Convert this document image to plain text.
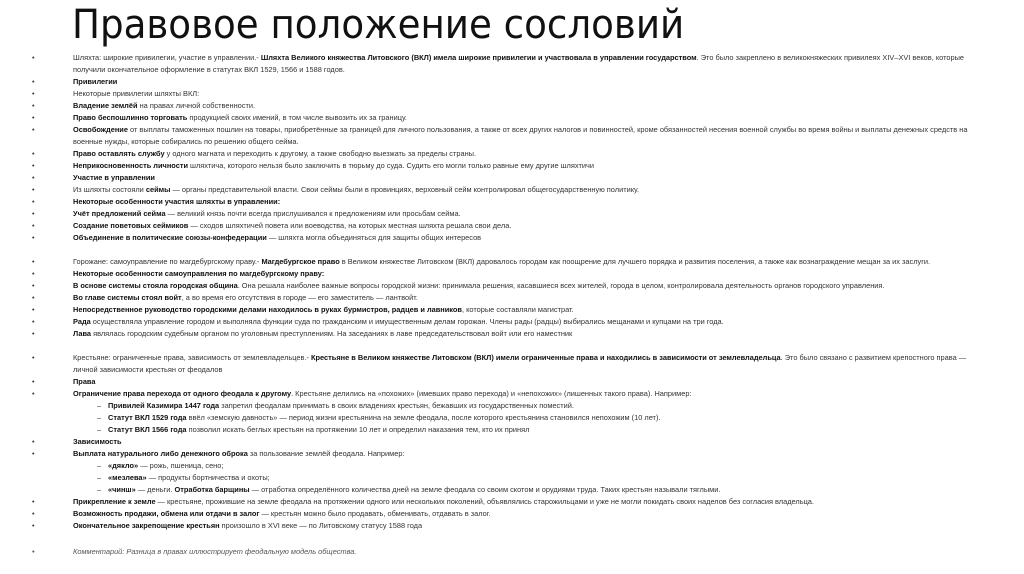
Правовое положение сословий
•	Шляхта: широкие привилегии, участие в управлении.- Шляхта Великого княжества Литовского (ВКЛ) имела широкие привилегии и участвовала в управлении государством. Это было закреплено в великокняжеских привилеях XIV–XVI веков, которые получили окончательное оформление в статутах ВКЛ 1529, 1566 и 1588 годов.
•	Привилегии
•	Некоторые привилегии шляхты ВКЛ:
•	Владение землёй на правах личной собственности.
•	Право беспошлинно торговать продукцией своих имений, в том числе вывозить их за границу.
•	Освобождение от выплаты таможенных пошлин на товары, приобретённые за границей для личного пользования, а также от всех других налогов и повинностей, кроме обязанностей несения военной службы во время войны и выплаты денежных средств на военные нужды, которые собирались по решению общего сейма.
•	Право оставлять службу у одного магната и переходить к другому, а также свободно выезжать за пределы страны.
•	Неприкосновенность личности шляхтича, которого нельзя было заключить в тюрьму до суда. Судить его могли только равные ему другие шляхтичи
•	Участие в управлении
•	Из шляхты состояли сеймы — органы представительной власти. Свои сеймы были в провинциях, верховный сейм контролировал общегосударственную политику.
•	Некоторые особенности участия шляхты в управлении:
•	Учёт предложений сейма — великий князь почти всегда прислушивался к предложениям или просьбам сейма.
•	Создание поветовых сеймиков — сходов шляхтичей повета или воеводства, на которых местная шляхта решала свои дела.
•	Объединение в политические союзы-конфедерации — шляхта могла объединяться для защиты общих интересов
•	Горожане: самоуправление по магдебургскому праву.- Магдебургское право в Великом княжестве Литовском (ВКЛ) даровалось городам как поощрение для лучшего порядка и развития поселения, а также как вознаграждение мещан за их заслуги.
•	Некоторые особенности самоуправления по магдебургскому праву:
•	В основе системы стояла городская община. Она решала наиболее важные вопросы городской жизни: принимала решения, касавшиеся всех жителей, города в целом, контролировала деятельность органов городского управления.
•	Во главе системы стоял войт, а во время его отсутствия в городе — его заместитель — лантвойт.
•	Непосредственное руководство городскими делами находилось в руках бурмистров, радцев и лавников, которые составляли магистрат.
•	Рада осуществляла управление городом и выполняла функции суда по гражданским и имущественным делам горожан. Члены рады (радцы) выбирались мещанами и купцами на три года.
•	Лава являлась городским судебным органом по уголовным преступлениям. На заседаниях в лаве председательствовал войт или его наместник
•	Крестьяне: ограниченные права, зависимость от землевладельцев.- Крестьяне в Великом княжестве Литовском (ВКЛ) имели ограниченные права и находились в зависимости от землевладельца. Это было связано с развитием крепостного права — личной зависимости крестьян от феодалов
•	Права
•	Ограничение права перехода от одного феодала к другому. Крестьяне делились на «похожих» (имевших право перехода) и «непохожих» (лишенных такого права). Например:
– Привилей Казимира 1447 года запретил феодалам принимать в своих владениях крестьян, бежавших из государственных поместий.
– Статут ВКЛ 1529 года ввёл «земскую давность» — период жизни крестьянина на земле феодала, после которого крестьянина становился непохожим (10 лет).
– Статут ВКЛ 1566 года позволил искать беглых крестьян на протяжении 10 лет и определил наказания тем, кто их принял
•	Зависимость
•	Выплата натурального либо денежного оброка за пользование землёй феодала. Например:
– «дякло» — рожь, пшеница, сено;
– «мезлева» — продукты бортничества и охоты;
– «чинш» — деньги. Отработка барщины — отработка определённого количества дней на земле феодала со своим скотом и орудиями труда. Таких крестьян называли тяглыми.
•	Прикрепление к земле — крестьяне, прожившие на земле феодала на протяжении одного или нескольких поколений, объявлялись старожильцами и уже не могли покидать своих наделов без согласия владельца.
•	Возможность продажи, обмена или отдачи в залог — крестьян можно было продавать, обменивать, отдавать в залог.
•	Окончательное закрепощение крестьян произошло в XVI веке — по Литовскому статусу 1588 года
•	Комментарий: Разница в правах иллюстрирует феодальную модель общества.
